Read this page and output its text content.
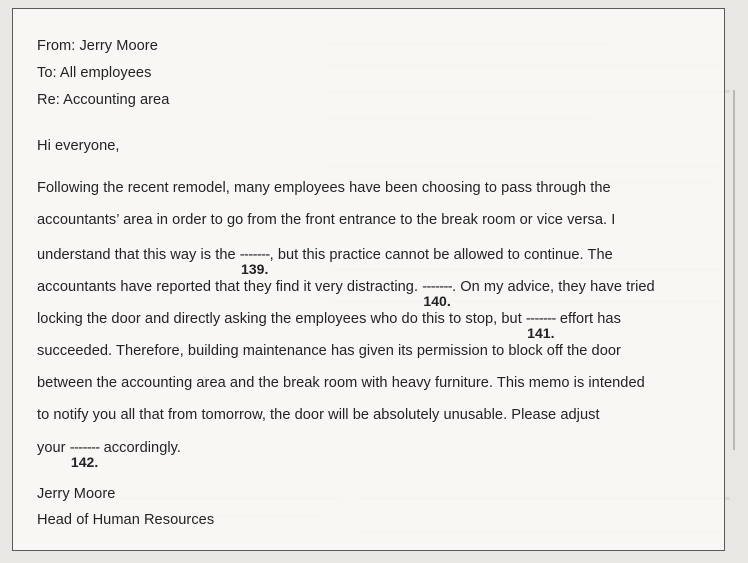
From: Jerry Moore
To: All employees
Re: Accounting area
Hi everyone,
Following the recent remodel, many employees have been choosing to pass through the
accountants’ area in order to go from the front entrance to the break room or vice versa. I
understand that this way is the -------
139.
, but this practice cannot be allowed to continue. The
accountants have reported that they find it very distracting. -------
140.
. On my advice, they have tried
locking the door and directly asking the employees who do this to stop, but -------
141.
effort has
succeeded. Therefore, building maintenance has given its permission to block off the door
between the accounting area and the break room with heavy furniture. This memo is intended
to notify you all that from tomorrow, the door will be absolutely unusable. Please adjust
your -------
142.
accordingly.
Jerry Moore
Head of Human Resources
